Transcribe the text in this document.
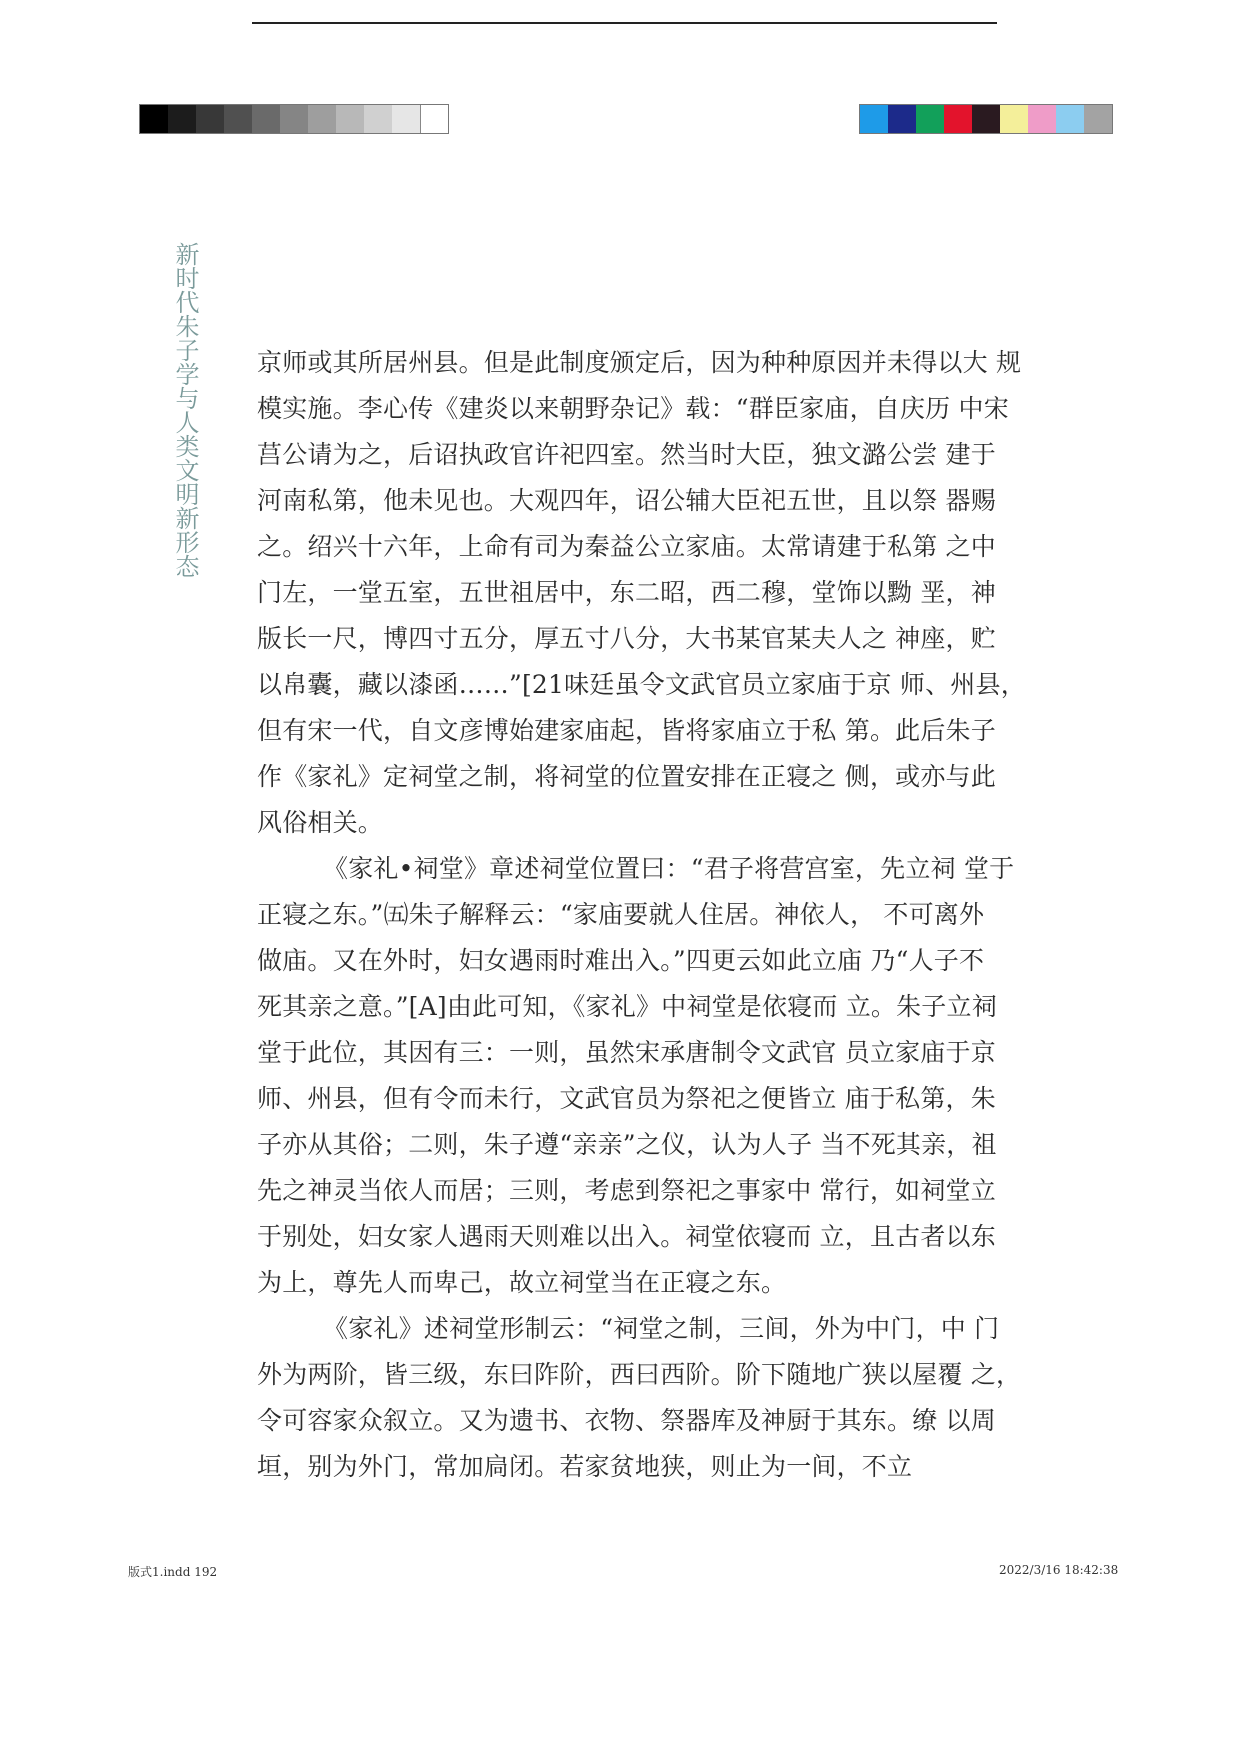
新时代朱子学与人类文明新形态 京师或其所居州县。但是此制度颁定后，因为种种原因并未得以大 规
模实施。李心传《建炎以来朝野杂记》载：“群臣家庙，自庆历 中宋
莒公请为之，后诏执政官许祀四室。然当时大臣，独文潞公尝 建于
河南私第，他未见也。大观四年，诏公辅大臣祀五世，且以祭 器赐
之。绍兴十六年，上命有司为秦益公立家庙。太常请建于私第 之中
门左，一堂五室，五世祖居中，东二昭，西二穆，堂饰以黝 垩，神
版长一尺，博四寸五分，厚五寸八分，大书某官某夫人之 神座，贮
以帛囊，藏以漆函……”[21味廷虽令文武官员立家庙于京 师、州县，
但有宋一代，自文彦博始建家庙起，皆将家庙立于私 第。此后朱子
作《家礼》定祠堂之制，将祠堂的位置安排在正寝之 侧，或亦与此
风俗相关。
《家礼•祠堂》章述祠堂位置曰：“君子将营宫室，先立祠 堂于
正寝之东。”㈤朱子解释云：“家庙要就人住居。神依人， 不可离外
做庙。又在外时，妇女遇雨时难出入。”四更云如此立庙 乃“人子不
死其亲之意。”[A]由此可知，《家礼》中祠堂是依寝而 立。朱子立祠
堂于此位，其因有三：一则，虽然宋承唐制令文武官 员立家庙于京
师、州县，但有令而未行，文武官员为祭祀之便皆立 庙于私第，朱
子亦从其俗；二则，朱子遵“亲亲”之仪，认为人子 当不死其亲，祖
先之神灵当依人而居；三则，考虑到祭祀之事家中 常行，如祠堂立
于别处，妇女家人遇雨天则难以出入。祠堂依寝而 立，且古者以东
为上，尊先人而卑己，故立祠堂当在正寝之东。
《家礼》述祠堂形制云：“祠堂之制，三间，外为中门，中 门
外为两阶，皆三级，东曰阼阶，西曰西阶。阶下随地广狭以屋覆 之，
令可容家众叙立。又为遗书、衣物、祭器库及神厨于其东。缭 以周
垣，别为外门，常加扃闭。若家贫地狭，则止为一间，不立
版式1.indd 192	2022/3/16 18:42:38
